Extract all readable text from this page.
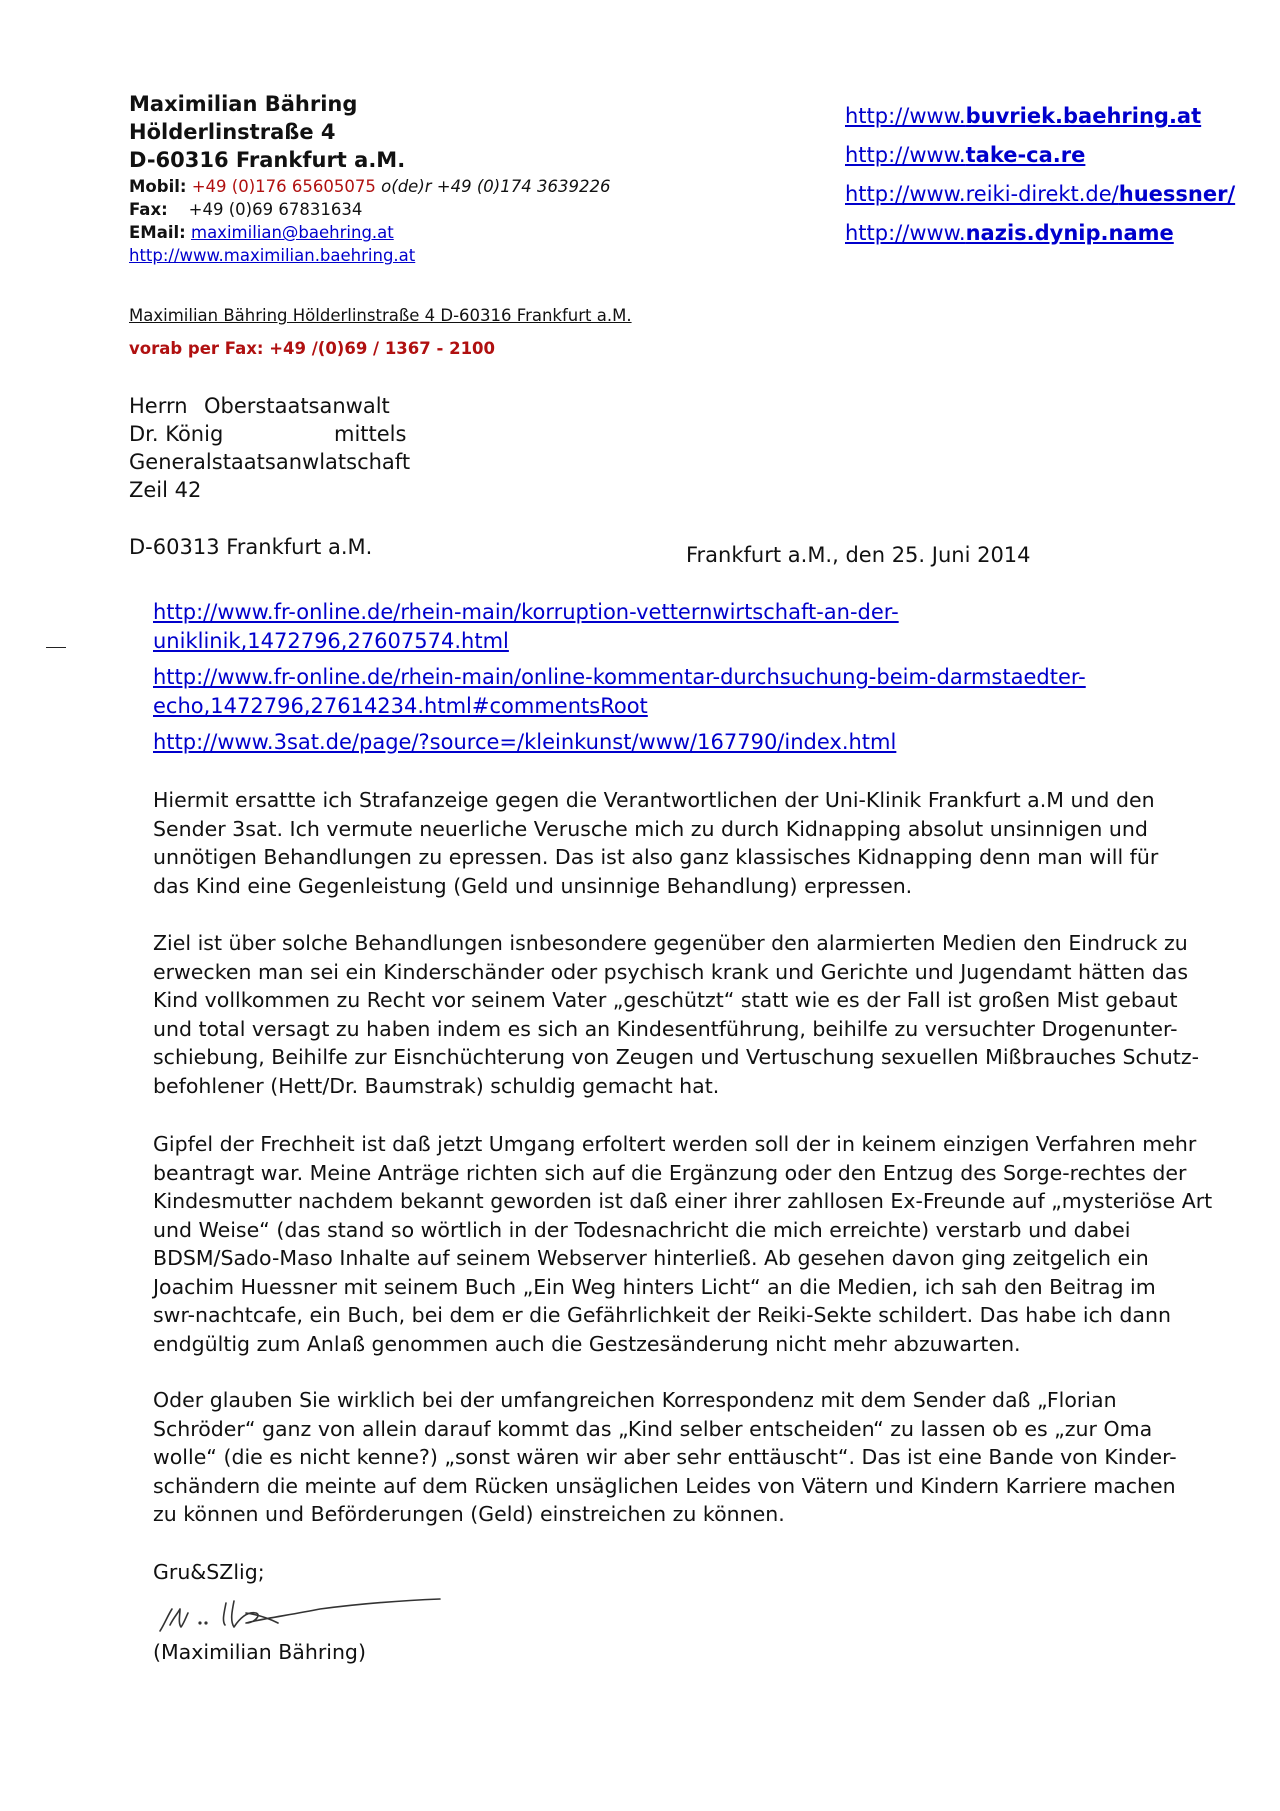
Maximilian Bähring
Hölderlinstraße 4
D-60316 Frankfurt a.M.
Mobil: +49 (0)176 65605075 o(de)r +49 (0)174 3639226
Fax: +49 (0)69 67831634
EMail: maximilian@baehring.at
http://www.maximilian.baehring.at
http://www.buvriek.baehring.at
http://www.take-ca.re
http://www.reiki-direkt.de/huessner/
http://www.nazis.dynip.name
Maximilian Bähring Hölderlinstraße 4 D-60316 Frankfurt a.M.
vorab per Fax: +49 /(0)69 / 1367 - 2100
Herrn Oberstaatsanwalt
Dr. König	mittels
Generalstaatsanwlatschaft
Zeil 42
D-60313 Frankfurt a.M.	Frankfurt a.M., den 25. Juni 2014
http://www.fr-online.de/rhein-main/korruption-vetternwirtschaft-an-der-
uniklinik,1472796,27607574.html
http://www.fr-online.de/rhein-main/online-kommentar-durchsuchung-beim-darmstaedter-
echo,1472796,27614234.html#commentsRoot
http://www.3sat.de/page/?source=/kleinkunst/www/167790/index.html
Hiermit ersattte ich Strafanzeige gegen die Verantwortlichen der Uni-Klinik Frankfurt a.M und den
Sender 3sat. Ich vermute neuerliche Verusche mich zu durch Kidnapping absolut unsinnigen und
unnötigen Behandlungen zu epressen. Das ist also ganz klassisches Kidnapping denn man will für
das Kind eine Gegenleistung (Geld und unsinnige Behandlung) erpressen.
Ziel ist über solche Behandlungen isnbesondere gegenüber den alarmierten Medien den Eindruck zu
erwecken man sei ein Kinderschänder oder psychisch krank und Gerichte und Jugendamt hätten das
Kind vollkommen zu Recht vor seinem Vater „geschützt“ statt wie es der Fall ist großen Mist gebaut
und total versagt zu haben indem es sich an Kindesentführung, beihilfe zu versuchter Drogenunter-
schiebung, Beihilfe zur Eisnchüchterung von Zeugen und Vertuschung sexuellen Mißbrauches Schutz-
befohlener (Hett/Dr. Baumstrak) schuldig gemacht hat.
Gipfel der Frechheit ist daß jetzt Umgang erfoltert werden soll der in keinem einzigen Verfahren mehr
beantragt war. Meine Anträge richten sich auf die Ergänzung oder den Entzug des Sorge-rechtes der
Kindesmutter nachdem bekannt geworden ist daß einer ihrer zahllosen Ex-Freunde auf „mysteriöse Art
und Weise“ (das stand so wörtlich in der Todesnachricht die mich erreichte) verstarb und dabei
BDSM/Sado-Maso Inhalte auf seinem Webserver hinterließ. Ab gesehen davon ging zeitgelich ein
Joachim Huessner mit seinem Buch „Ein Weg hinters Licht“ an die Medien, ich sah den Beitrag im
swr-nachtcafe, ein Buch, bei dem er die Gefährlichkeit der Reiki-Sekte schildert. Das habe ich dann
endgültig zum Anlaß genommen auch die Gestzesänderung nicht mehr abzuwarten.
Oder glauben Sie wirklich bei der umfangreichen Korrespondenz mit dem Sender daß „Florian
Schröder“ ganz von allein darauf kommt das „Kind selber entscheiden“ zu lassen ob es „zur Oma
wolle“ (die es nicht kenne?) „sonst wären wir aber sehr enttäuscht“. Das ist eine Bande von Kinder-
schändern die meinte auf dem Rücken unsäglichen Leides von Vätern und Kindern Karriere machen
zu können und Beförderungen (Geld) einstreichen zu können.
Gru&SZlig;
(Maximilian Bähring)
